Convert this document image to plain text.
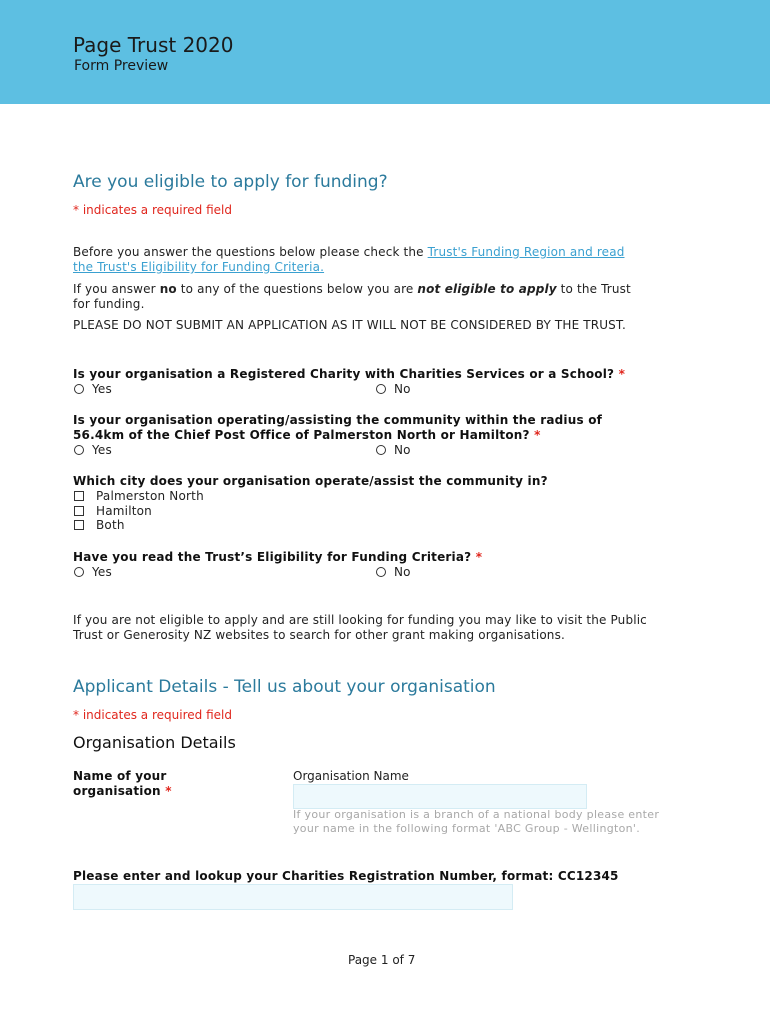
Page Trust 2020
Form Preview
Are you eligible to apply for funding?
* indicates a required field
Before you answer the questions below please check the Trust's Funding Region and read
the Trust's Eligibility for Funding Criteria.
If you answer no to any of the questions below you are not eligible to apply to the Trust
for funding.
PLEASE DO NOT SUBMIT AN APPLICATION AS IT WILL NOT BE CONSIDERED BY THE TRUST.
Is your organisation a Registered Charity with Charities Services or a School? *
Yes	No
Is your organisation operating/assisting the community within the radius of
56.4km of the Chief Post Office of Palmerston North or Hamilton? *
Yes	No
Which city does your organisation operate/assist the community in?
Palmerston North
Hamilton
Both
Have you read the Trust’s Eligibility for Funding Criteria? *
Yes	No
If you are not eligible to apply and are still looking for funding you may like to visit the Public
Trust or Generosity NZ websites to search for other grant making organisations.
Applicant Details - Tell us about your organisation
* indicates a required field
Organisation Details
Name of your
organisation *
Organisation Name
If your organisation is a branch of a national body please enter
your name in the following format 'ABC Group - Wellington'.
Please enter and lookup your Charities Registration Number, format: CC12345
Page 1 of 7
